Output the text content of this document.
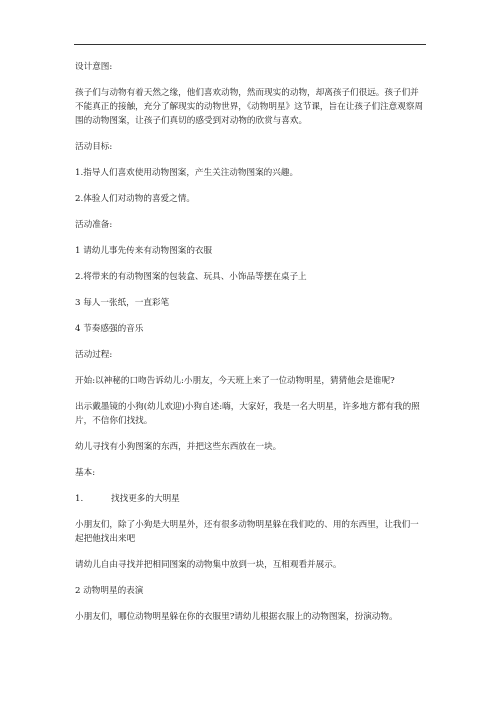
设计意图:

孩子们与动物有着天然之缘，他们喜欢动物，然而现实的动物，却离孩子们很远。孩子们并不能真正的接触，充分了解现实的动物世界，《动物明星》这节课，旨在让孩子们注意观察周围的动物图案，让孩子们真切的感受到对动物的欣赏与喜欢。

活动目标:

1.指导人们喜欢使用动物图案，产生关注动物图案的兴趣。

2.体验人们对动物的喜爱之情。

活动准备:

1 请幼儿事先传来有动物图案的衣服

2.将带来的有动物图案的包装盒、玩具、小饰品等摆在桌子上

3 每人一张纸，一直彩笔

4 节奏感强的音乐

活动过程:

开始:以神秘的口吻告诉幼儿:小朋友，今天班上来了一位动物明星，猜猜他会是谁呢?

出示戴墨镜的小狗(幼儿欢迎)小狗自述:嗨，大家好，我是一名大明星，许多地方都有我的照片，不信你们找找。

幼儿寻找有小狗图案的东西，并把这些东西放在一块。

基本:

1.	找找更多的大明星

小朋友们，除了小狗是大明星外，还有很多动物明星躲在我们吃的、用的东西里，让我们一起把他找出来吧

请幼儿自由寻找并把相同图案的动物集中放到一块，互相观看并展示。

2 动物明星的表演

小朋友们，哪位动物明星躲在你的衣服里?请幼儿根据衣服上的动物图案，扮演动物。
